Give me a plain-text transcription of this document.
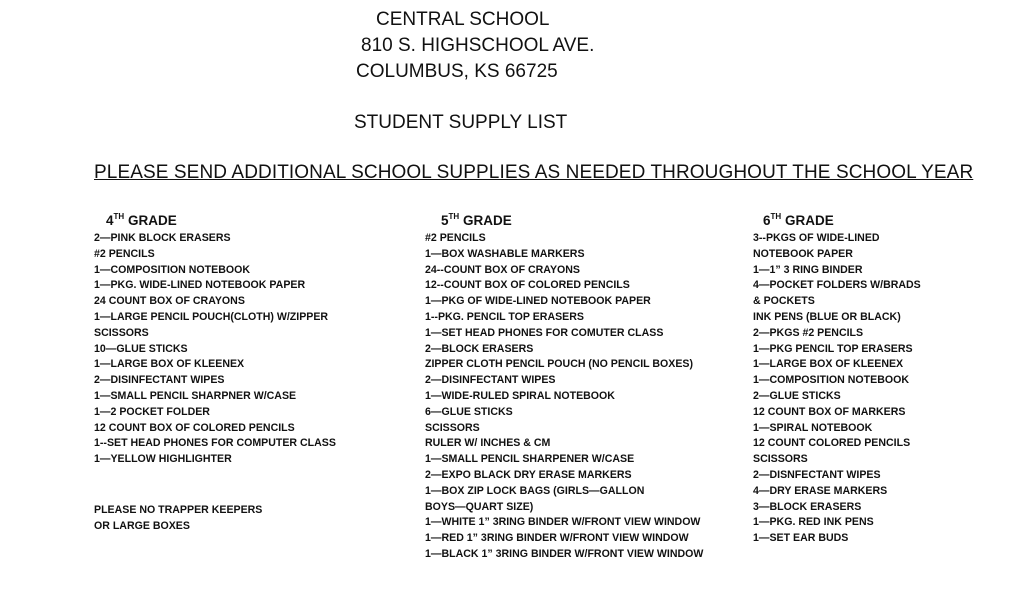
CENTRAL SCHOOL
810 S. HIGHSCHOOL AVE.
COLUMBUS, KS 66725
STUDENT SUPPLY LIST
PLEASE SEND ADDITIONAL SCHOOL SUPPLIES AS NEEDED THROUGHOUT THE SCHOOL YEAR
4TH GRADE
2—PINK BLOCK ERASERS
#2 PENCILS
1—COMPOSITION NOTEBOOK
1—PKG. WIDE-LINED NOTEBOOK PAPER
24 COUNT BOX OF CRAYONS
1—LARGE PENCIL POUCH(CLOTH) W/ZIPPER
SCISSORS
10—GLUE STICKS
1—LARGE BOX OF KLEENEX
2—DISINFECTANT WIPES
1—SMALL PENCIL SHARPNER W/CASE
1—2 POCKET FOLDER
12 COUNT BOX OF COLORED PENCILS
1--SET HEAD PHONES FOR COMPUTER CLASS
1—YELLOW HIGHLIGHTER
PLEASE NO TRAPPER KEEPERS
OR LARGE BOXES
5TH GRADE
#2 PENCILS
1—BOX WASHABLE MARKERS
24--COUNT BOX OF CRAYONS
12--COUNT BOX OF COLORED PENCILS
1—PKG OF WIDE-LINED NOTEBOOK PAPER
1--PKG. PENCIL TOP ERASERS
1—SET HEAD PHONES FOR COMUTER CLASS
2—BLOCK ERASERS
ZIPPER CLOTH PENCIL POUCH (NO PENCIL BOXES)
2—DISINFECTANT WIPES
1—WIDE-RULED SPIRAL NOTEBOOK
6—GLUE STICKS
SCISSORS
RULER W/ INCHES & CM
1—SMALL PENCIL SHARPENER W/CASE
2—EXPO BLACK DRY ERASE MARKERS
1—BOX ZIP LOCK BAGS (GIRLS—GALLON
BOYS—QUART SIZE)
1—WHITE 1” 3RING BINDER W/FRONT VIEW WINDOW
1—RED 1” 3RING BINDER W/FRONT VIEW WINDOW
1—BLACK 1” 3RING BINDER W/FRONT VIEW WINDOW
6TH GRADE
3--PKGS OF WIDE-LINED
NOTEBOOK PAPER
1—1” 3 RING BINDER
4—POCKET FOLDERS W/BRADS
& POCKETS
INK PENS (BLUE OR BLACK)
2—PKGS #2 PENCILS
1—PKG PENCIL TOP ERASERS
1—LARGE BOX OF KLEENEX
1—COMPOSITION NOTEBOOK
2—GLUE STICKS
12 COUNT BOX OF MARKERS
1—SPIRAL NOTEBOOK
12 COUNT COLORED PENCILS
SCISSORS
2—DISNFECTANT WIPES
4—DRY ERASE MARKERS
3—BLOCK ERASERS
1—PKG. RED INK PENS
1—SET EAR BUDS
